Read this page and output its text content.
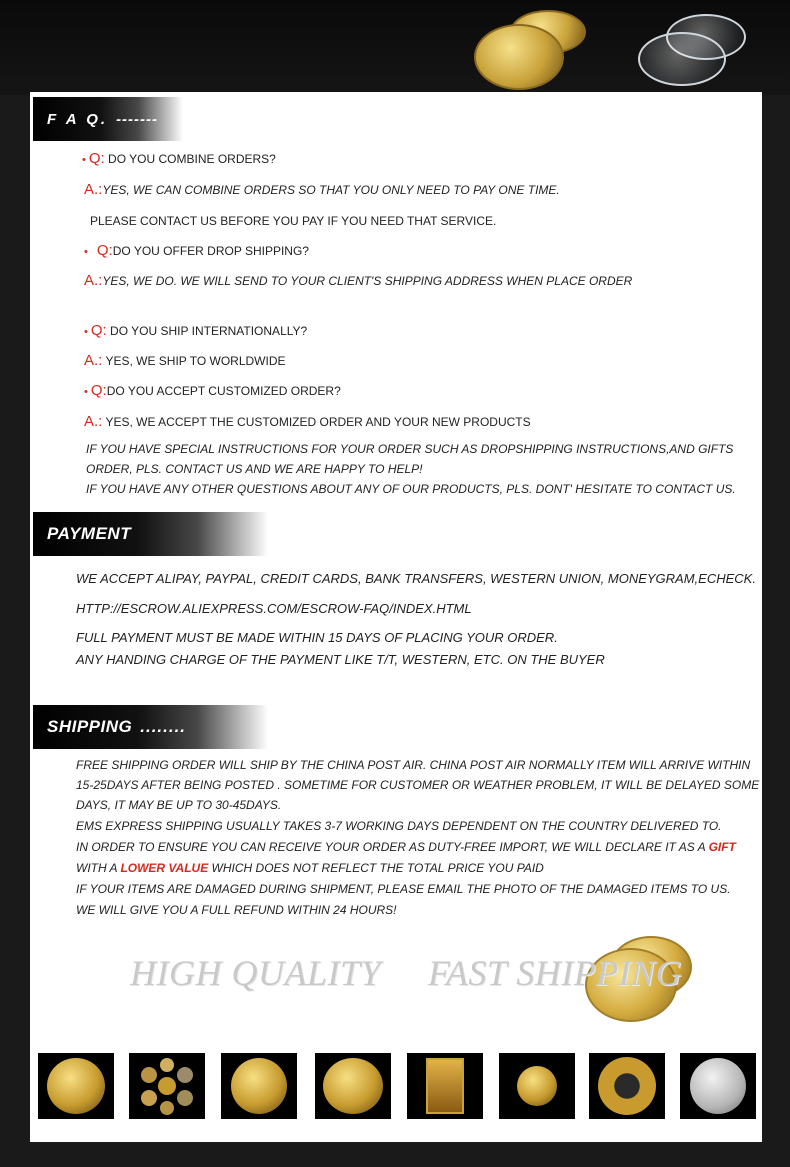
F A Q. -------
• Q: DO YOU COMBINE ORDERS?
A.:YES, WE CAN COMBINE ORDERS SO THAT YOU ONLY NEED TO PAY ONE TIME.
PLEASE CONTACT US BEFORE YOU PAY IF YOU NEED THAT SERVICE.
• Q:DO YOU OFFER DROP SHIPPING?
A.:YES, WE DO. WE WILL SEND TO YOUR CLIENT'S SHIPPING ADDRESS WHEN PLACE ORDER
• Q: DO YOU SHIP INTERNATIONALLY?
A.: YES, WE SHIP TO WORLDWIDE
• Q:DO YOU ACCEPT CUSTOMIZED ORDER?
A.: YES, WE ACCEPT THE CUSTOMIZED ORDER AND YOUR NEW PRODUCTS
IF YOU HAVE SPECIAL INSTRUCTIONS FOR YOUR ORDER SUCH AS DROPSHIPPING INSTRUCTIONS,AND GIFTS
ORDER, PLS. CONTACT US AND WE ARE HAPPY TO HELP!
IF YOU HAVE ANY OTHER QUESTIONS ABOUT ANY OF OUR PRODUCTS, PLS. DONT' HESITATE TO CONTACT US.
PAYMENT
WE ACCEPT ALIPAY, PAYPAL, CREDIT CARDS, BANK TRANSFERS, WESTERN UNION, MONEYGRAM,ECHECK.
HTTP://ESCROW.ALIEXPRESS.COM/ESCROW-FAQ/INDEX.HTML
FULL PAYMENT MUST BE MADE WITHIN 15 DAYS OF PLACING YOUR ORDER.
ANY HANDING CHARGE OF THE PAYMENT LIKE T/T, WESTERN, ETC. ON THE BUYER
SHIPPING ........
FREE SHIPPING ORDER WILL SHIP BY THE CHINA POST AIR. CHINA POST AIR NORMALLY ITEM WILL ARRIVE WITHIN
15-25DAYS AFTER BEING POSTED . SOMETIME FOR CUSTOMER OR WEATHER PROBLEM, IT WILL BE DELAYED SOME
DAYS, IT MAY BE UP TO 30-45DAYS.
EMS EXPRESS SHIPPING USUALLY TAKES 3-7 WORKING DAYS DEPENDENT ON THE COUNTRY DELIVERED TO.
IN ORDER TO ENSURE YOU CAN RECEIVE YOUR ORDER AS DUTY-FREE IMPORT, WE WILL DECLARE IT AS A GIFT
WITH A LOWER VALUE WHICH DOES NOT REFLECT THE TOTAL PRICE YOU PAID
IF YOUR ITEMS ARE DAMAGED DURING SHIPMENT, PLEASE EMAIL THE PHOTO OF THE DAMAGED ITEMS TO US.
WE WILL GIVE YOU A FULL REFUND WITHIN 24 HOURS!
HIGH QUALITY FAST SHIPPING
